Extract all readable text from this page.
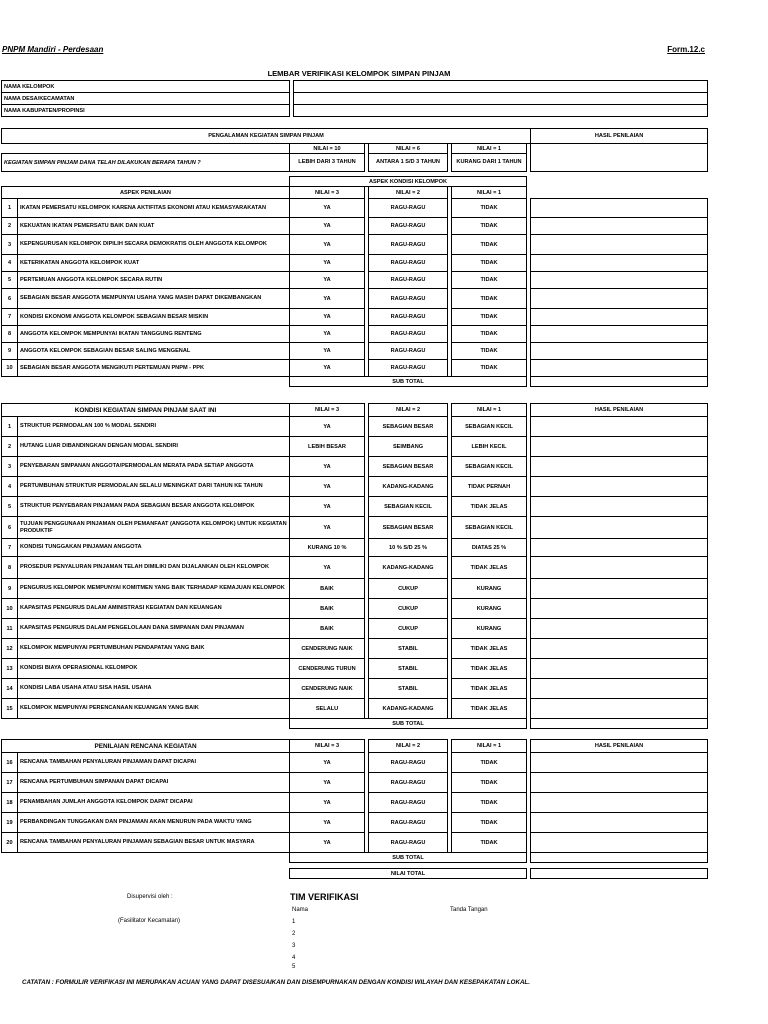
PNPM Mandiri - Perdesaan	Form.12.c
LEMBAR VERIFIKASI KELOMPOK SIMPAN PINJAM
NAMA KELOMPOK		
NAMA DESA/KECAMATAN		
NAMA KABUPATEN/PROPINSI		
PENGALAMAN KEGIATAN SIMPAN PINJAM							HASIL PENILAIAN
	NILAI = 10		NILAI = 6		NILAI = 1		
KEGIATAN SIMPAN PINJAM DANA TELAH DILAKUKAN BERAPA TAHUN ?	LEBIH DARI 3 TAHUN		ANTARA 1 S/D 3 TAHUN		KURANG DARI 1 TAHUN		
		ASPEK KONDISI KELOMPOK						
ASPEK PENILAIAN		NILAI = 3		NILAI = 2		NILAI = 1		
1	IKATAN PEMERSATU KELOMPOK KARENA AKTIFITAS EKONOMI ATAU KEMASYARAKATAN	YA		RAGU-RAGU		TIDAK		
2	KEKUATAN IKATAN PEMERSATU BAIK DAN KUAT	YA		RAGU-RAGU		TIDAK		
3	KEPENGURUSAN KELOMPOK DIPILIH SECARA DEMOKRATIS OLEH ANGGOTA KELOMPOK	YA		RAGU-RAGU		TIDAK		
4	KETERIKATAN ANGGOTA KELOMPOK KUAT	YA		RAGU-RAGU		TIDAK		
5	PERTEMUAN ANGGOTA KELOMPOK SECARA RUTIN	YA		RAGU-RAGU		TIDAK		
6	SEBAGIAN BESAR ANGGOTA MEMPUNYAI USAHA YANG MASIH DAPAT DIKEMBANGKAN	YA		RAGU-RAGU		TIDAK		
7	KONDISI EKONOMI ANGGOTA KELOMPOK SEBAGIAN BESAR MISKIN	YA		RAGU-RAGU		TIDAK		
8	ANGGOTA KELOMPOK MEMPUNYAI IKATAN TANGGUNG RENTENG	YA		RAGU-RAGU		TIDAK		
9	ANGGOTA KELOMPOK SEBAGIAN BESAR SALING MENGENAL	YA		RAGU-RAGU		TIDAK		
10	SEBAGIAN BESAR ANGGOTA MENGIKUTI PERTEMUAN PNPM - PPK	YA		RAGU-RAGU		TIDAK		
		SUB TOTAL						
KONDISI KEGIATAN SIMPAN PINJAM SAAT INI		NILAI = 3		NILAI = 2		NILAI = 1		HASIL PENILAIAN
1	STRUKTUR PERMODALAN 100 % MODAL SENDIRI	YA		SEBAGIAN BESAR		SEBAGIAN KECIL		
2	HUTANG LUAR DIBANDINGKAN DENGAN MODAL SENDIRI	LEBIH BESAR		SEIMBANG		LEBIH KECIL		
3	PENYEBARAN SIMPANAN ANGGOTA/PERMODALAN MERATA PADA SETIAP ANGGOTA	YA		SEBAGIAN BESAR		SEBAGIAN KECIL		
4	PERTUMBUHAN STRUKTUR PERMODALAN SELALU MENINGKAT DARI TAHUN KE TAHUN	YA		KADANG-KADANG		TIDAK PERNAH		
5	STRUKTUR PENYEBARAN PINJAMAN PADA SEBAGIAN BESAR ANGGOTA KELOMPOK	YA		SEBAGIAN KECIL		TIDAK JELAS		
6	TUJUAN PENGGUNAAN PINJAMAN OLEH PEMANFAAT (ANGGOTA KELOMPOK) UNTUK KEGIATAN PRODUKTIF	YA		SEBAGIAN BESAR		SEBAGIAN KECIL		
7	KONDISI TUNGGAKAN PINJAMAN ANGGOTA	KURANG 10 %		10 % S/D 25 %		DIATAS 25 %		
8	PROSEDUR PENYALURAN PINJAMAN TELAH DIMILIKI DAN DIJALANKAN OLEH KELOMPOK	YA		KADANG-KADANG		TIDAK JELAS		
9	PENGURUS KELOMPOK MEMPUNYAI KOMITMEN YANG BAIK TERHADAP KEMAJUAN KELOMPOK	BAIK		CUKUP		KURANG		
10	KAPASITAS PENGURUS DALAM AMINISTRASI KEGIATAN DAN KEUANGAN	BAIK		CUKUP		KURANG		
11	KAPASITAS PENGURUS DALAM PENGELOLAAN DANA SIMPANAN DAN PINJAMAN	BAIK		CUKUP		KURANG		
12	KELOMPOK MEMPUNYAI PERTUMBUHAN PENDAPATAN YANG BAIK	CENDERUNG NAIK		STABIL		TIDAK JELAS		
13	KONDISI BIAYA OPERASIONAL KELOMPOK	CENDERUNG TURUN		STABIL		TIDAK JELAS		
14	KONDISI LABA USAHA ATAU SISA HASIL USAHA	CENDERUNG NAIK		STABIL		TIDAK JELAS		
15	KELOMPOK MEMPUNYAI PERENCANAAN KEUANGAN YANG BAIK	SELALU		KADANG-KADANG		TIDAK JELAS		
		SUB TOTAL						
PENILAIAN RENCANA KEGIATAN		NILAI = 3		NILAI = 2		NILAI = 1		HASIL PENILAIAN
16	RENCANA TAMBAHAN PENYALURAN PINJAMAN DAPAT DICAPAI	YA		RAGU-RAGU		TIDAK		
17	RENCANA PERTUMBUHAN SIMPANAN DAPAT DICAPAI	YA		RAGU-RAGU		TIDAK		
18	PENAMBAHAN JUMLAH ANGGOTA KELOMPOK DAPAT DICAPAI	YA		RAGU-RAGU		TIDAK		
19	PERBANDINGAN TUNGGAKAN DAN PINJAMAN AKAN MENURUN PADA WAKTU YANG	YA		RAGU-RAGU		TIDAK		
20	RENCANA TAMBAHAN PENYALURAN PINJAMAN SEBAGIAN BESAR UNTUK MASYARA	YA		RAGU-RAGU		TIDAK		
		SUB TOTAL						

		NILAI TOTAL						
Disupervisi oleh :
(Fasilitator Kecamatan)
TIM VERIFIKASI
Nama	Tanda Tangan
1
2
3
4
5
CATATAN : FORMULIR VERIFIKASI INI MERUPAKAN ACUAN YANG DAPAT DISESUAIKAN DAN DISEMPURNAKAN DENGAN KONDISI WILAYAH DAN KESEPAKATAN LOKAL.
